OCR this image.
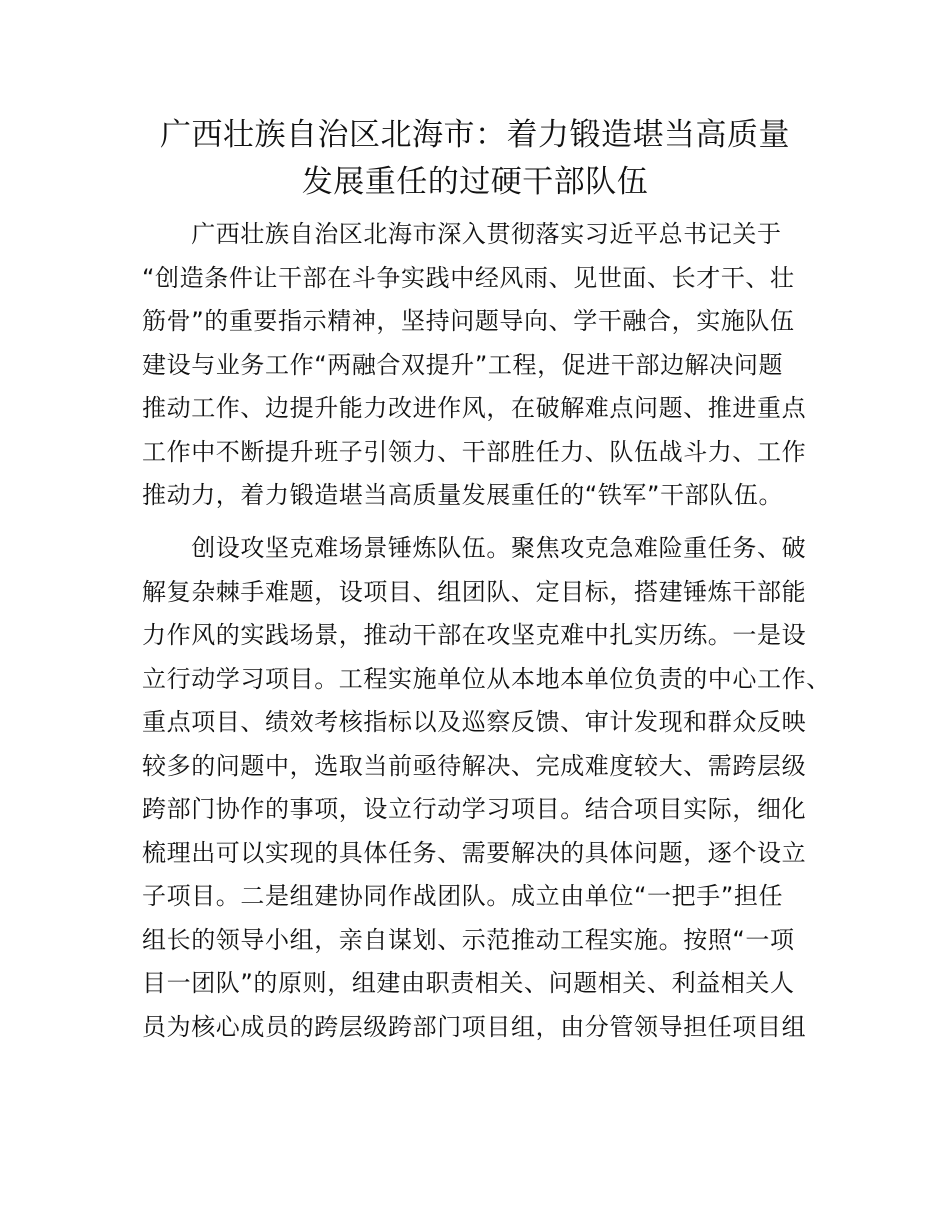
广西壮族自治区北海市：着力锻造堪当高质量
发展重任的过硬干部队伍

　　广西壮族自治区北海市深入贯彻落实习近平总书记关于
“创造条件让干部在斗争实践中经风雨、见世面、长才干、壮
筋骨”的重要指示精神，坚持问题导向、学干融合，实施队伍
建设与业务工作“两融合双提升”工程，促进干部边解决问题
推动工作、边提升能力改进作风，在破解难点问题、推进重点
工作中不断提升班子引领力、干部胜任力、队伍战斗力、工作
推动力，着力锻造堪当高质量发展重任的“铁军”干部队伍。

　　创设攻坚克难场景锤炼队伍。聚焦攻克急难险重任务、破
解复杂棘手难题，设项目、组团队、定目标，搭建锤炼干部能
力作风的实践场景，推动干部在攻坚克难中扎实历练。一是设
立行动学习项目。工程实施单位从本地本单位负责的中心工作、
重点项目、绩效考核指标以及巡察反馈、审计发现和群众反映
较多的问题中，选取当前亟待解决、完成难度较大、需跨层级
跨部门协作的事项，设立行动学习项目。结合项目实际，细化
梳理出可以实现的具体任务、需要解决的具体问题，逐个设立
子项目。二是组建协同作战团队。成立由单位“一把手”担任
组长的领导小组，亲自谋划、示范推动工程实施。按照“一项
目一团队”的原则，组建由职责相关、问题相关、利益相关人
员为核心成员的跨层级跨部门项目组，由分管领导担任项目组
